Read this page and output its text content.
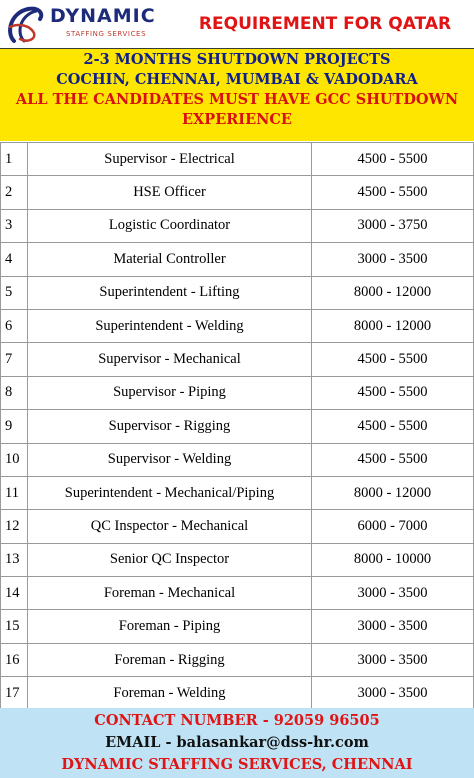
DYNAMIC
STAFFING SERVICES	REQUIREMENT FOR QATAR
2-3 MONTHS SHUTDOWN PROJECTS
COCHIN, CHENNAI, MUMBAI & VADODARA
ALL THE CANDIDATES MUST HAVE GCC SHUTDOWN
EXPERIENCE
1	Supervisor - Electrical	4500 - 5500
2	HSE Officer	4500 - 5500
3	Logistic Coordinator	3000 - 3750
4	Material Controller	3000 - 3500
5	Superintendent - Lifting	8000 - 12000
6	Superintendent - Welding	8000 - 12000
7	Supervisor - Mechanical	4500 - 5500
8	Supervisor - Piping	4500 - 5500
9	Supervisor - Rigging	4500 - 5500
10	Supervisor - Welding	4500 - 5500
11	Superintendent - Mechanical/Piping	8000 - 12000
12	QC Inspector - Mechanical	6000 - 7000
13	Senior QC Inspector	8000 - 10000
14	Foreman - Mechanical	3000 - 3500
15	Foreman - Piping	3000 - 3500
16	Foreman - Rigging	3000 - 3500
17	Foreman - Welding	3000 - 3500
CONTACT NUMBER - 92059 96505
EMAIL - balasankar@dss-hr.com
DYNAMIC STAFFING SERVICES, CHENNAI
